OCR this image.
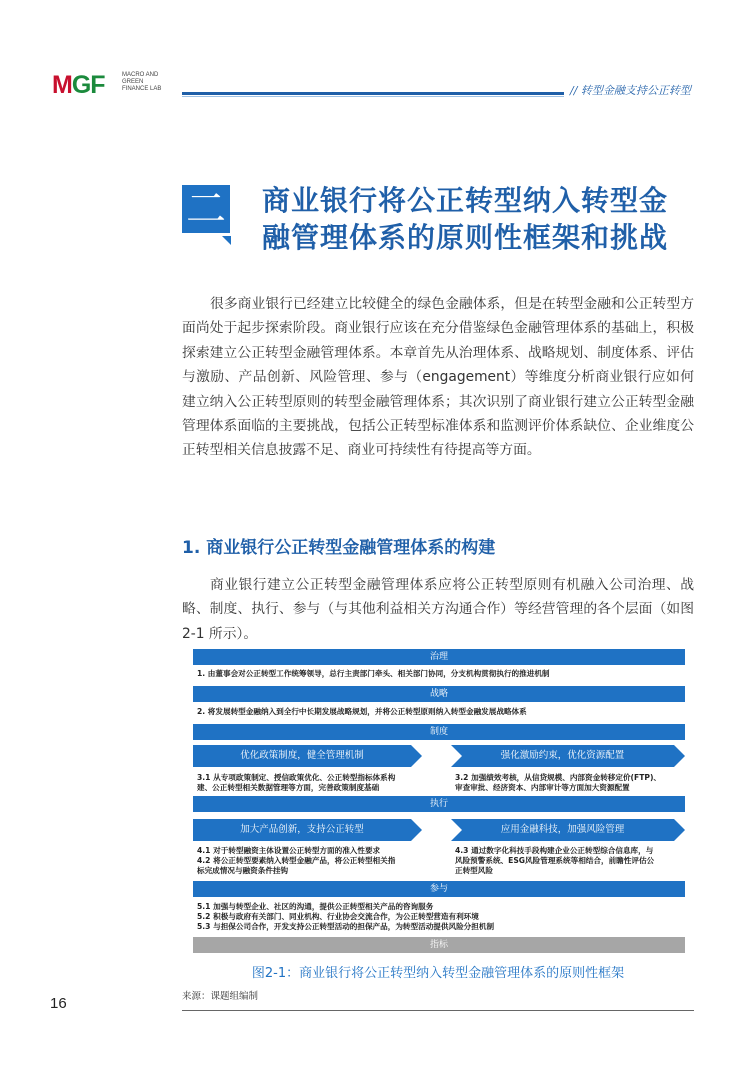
MGF	MACRO AND
GREEN
FINANCE LAB	// 转型金融支持公正转型
二 商业银行将公正转型纳入转型金
融管理体系的原则性框架和挑战
很多商业银行已经建立比较健全的绿色金融体系，但是在转型金融和公正转型方面尚处于起步探索阶段。商业银行应该在充分借鉴绿色金融管理体系的基础上，积极探索建立公正转型金融管理体系。本章首先从治理体系、战略规划、制度体系、评估与激励、产品创新、风险管理、参与（engagement）等维度分析商业银行应如何建立纳入公正转型原则的转型金融管理体系；其次识别了商业银行建立公正转型金融管理体系面临的主要挑战，包括公正转型标准体系和监测评价体系缺位、企业维度公正转型相关信息披露不足、商业可持续性有待提高等方面。
1. 商业银行公正转型金融管理体系的构建
商业银行建立公正转型金融管理体系应将公正转型原则有机融入公司治理、战略、制度、执行、参与（与其他利益相关方沟通合作）等经营管理的各个层面（如图 2-1 所示）。
治理
1. 由董事会对公正转型工作统筹领导，总行主责部门牵头、相关部门协同，分支机构贯彻执行的推进机制
战略
2. 将发展转型金融纳入到全行中长期发展战略规划，并将公正转型原则纳入转型金融发展战略体系
制度
优化政策制度，健全管理机制	强化激励约束，优化资源配置
3.1 从专项政策制定、授信政策优化、公正转型指标体系构
建、公正转型相关数据管理等方面，完善政策制度基础
3.2 加强绩效考核，从信贷规模、内部资金转移定价(FTP)、
审查审批、经济资本、内部审计等方面加大资源配置
执行
加大产品创新，支持公正转型	应用金融科技，加强风险管理
4.1 对于转型融资主体设置公正转型方面的准入性要求
4.2 将公正转型要素纳入转型金融产品，将公正转型相关指
标完成情况与融资条件挂钩
4.3 通过数字化科技手段构建企业公正转型综合信息库，与
风险预警系统、ESG风险管理系统等相结合，前瞻性评估公
正转型风险
参与
5.1 加强与转型企业、社区的沟通，提供公正转型相关产品的咨询服务
5.2 积极与政府有关部门、同业机构、行业协会交流合作，为公正转型营造有利环境
5.3 与担保公司合作，开发支持公正转型活动的担保产品，为转型活动提供风险分担机制
指标
图2-1：商业银行将公正转型纳入转型金融管理体系的原则性框架
来源：课题组编制
16
